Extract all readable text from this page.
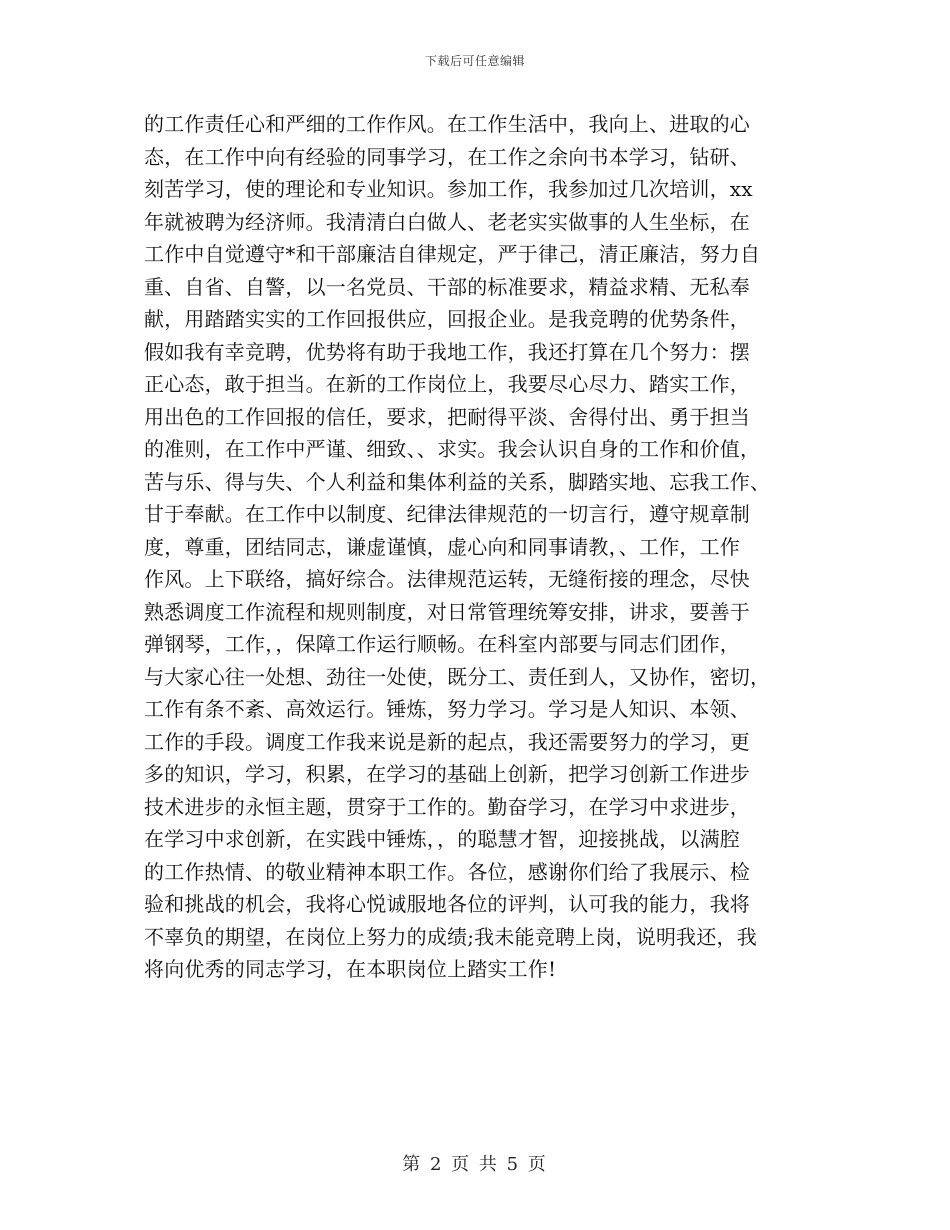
下载后可任意编辑
的工作责任心和严细的工作作风。在工作生活中，我向上、进取的心
态，在工作中向有经验的同事学习，在工作之余向书本学习，钻研、
刻苦学习，使的理论和专业知识。参加工作，我参加过几次培训，xx
年就被聘为经济师。我清清白白做人、老老实实做事的人生坐标，在
工作中自觉遵守*和干部廉洁自律规定，严于律己，清正廉洁，努力自
重、自省、自警，以一名党员、干部的标准要求，精益求精、无私奉
献，用踏踏实实的工作回报供应，回报企业。是我竞聘的优势条件，
假如我有幸竞聘，优势将有助于我地工作，我还打算在几个努力：摆
正心态，敢于担当。在新的工作岗位上，我要尽心尽力、踏实工作，
用出色的工作回报的信任，要求，把耐得平淡、舍得付出、勇于担当
的准则，在工作中严谨、细致、、求实。我会认识自身的工作和价值，
苦与乐、得与失、个人利益和集体利益的关系，脚踏实地、忘我工作、
甘于奉献。在工作中以制度、纪律法律规范的一切言行，遵守规章制
度，尊重，团结同志，谦虚谨慎，虚心向和同事请教，、工作，工作
作风。上下联络，搞好综合。法律规范运转，无缝衔接的理念，尽快
熟悉调度工作流程和规则制度，对日常管理统筹安排，讲求，要善于
弹钢琴，工作，，保障工作运行顺畅。在科室内部要与同志们团作，
与大家心往一处想、劲往一处使，既分工、责任到人，又协作，密切，
工作有条不紊、高效运行。锤炼，努力学习。学习是人知识、本领、
工作的手段。调度工作我来说是新的起点，我还需要努力的学习，更
多的知识，学习，积累，在学习的基础上创新，把学习创新工作进步
技术进步的永恒主题，贯穿于工作的。勤奋学习，在学习中求进步，
在学习中求创新，在实践中锤炼，，的聪慧才智，迎接挑战，以满腔
的工作热情、的敬业精神本职工作。各位，感谢你们给了我展示、检
验和挑战的机会，我将心悦诚服地各位的评判，认可我的能力，我将
不辜负的期望，在岗位上努力的成绩;我未能竞聘上岗，说明我还，我
将向优秀的同志学习，在本职岗位上踏实工作!
第 2 页 共 5 页
